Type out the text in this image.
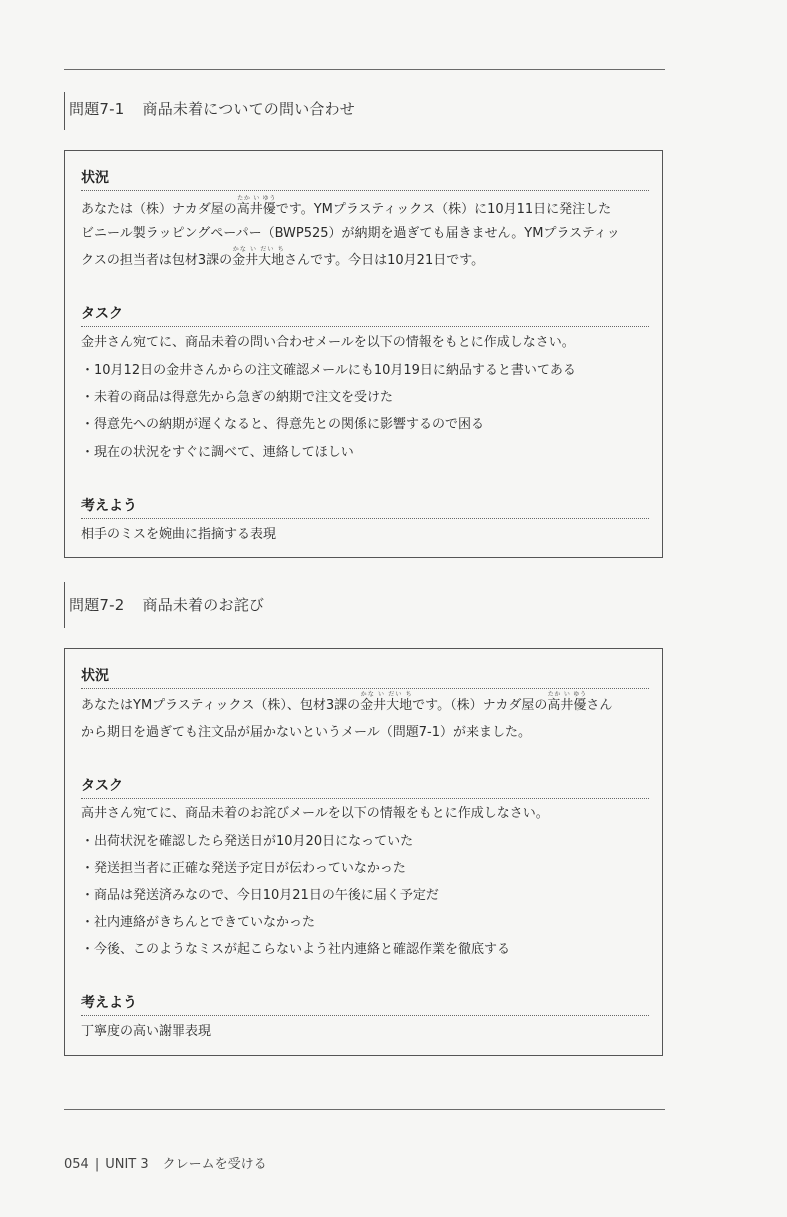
問題7-1 商品未着についての問い合わせ
状況
あなたは（株）ナカダ屋の高井優たか い ゆうです。YMプラスティックス（株）に10月11日に発注した
ビニール製ラッピングペーパー（BWP525）が納期を過ぎても届きません。YMプラスティッ
クスの担当者は包材3課の金井大地かな い だい ちさんです。今日は10月21日です。
タスク
金井さん宛てに、商品未着の問い合わせメールを以下の情報をもとに作成しなさい。
・10月12日の金井さんからの注文確認メールにも10月19日に納品すると書いてある
・未着の商品は得意先から急ぎの納期で注文を受けた
・得意先への納期が遅くなると、得意先との関係に影響するので困る
・現在の状況をすぐに調べて、連絡してほしい
考えよう
相手のミスを婉曲に指摘する表現
問題7-2 商品未着のお詫び
状況
あなたはYMプラスティックス（株）、包材3課の金井大地かな い だい ちです。（株）ナカダ屋の高井優たか い ゆうさん
から期日を過ぎても注文品が届かないというメール（問題7-1）が来ました。
タスク
高井さん宛てに、商品未着のお詫びメールを以下の情報をもとに作成しなさい。
・出荷状況を確認したら発送日が10月20日になっていた
・発送担当者に正確な発送予定日が伝わっていなかった
・商品は発送済みなので、今日10月21日の午後に届く予定だ
・社内連絡がきちんとできていなかった
・今後、このようなミスが起こらないよう社内連絡と確認作業を徹底する
考えよう
丁寧度の高い謝罪表現
054 | UNIT 3 クレームを受ける
